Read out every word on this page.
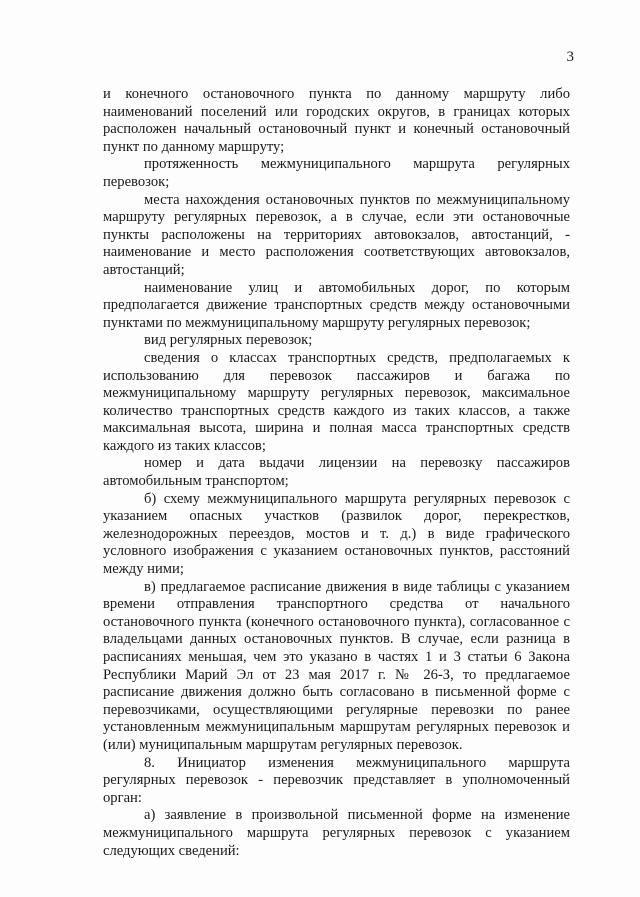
3

и конечного остановочного пункта по данному маршруту либо наименований поселений или городских округов, в границах которых расположен начальный остановочный пункт и конечный остановочный пункт по данному маршруту;

протяженность межмуниципального маршрута регулярных перевозок;

места нахождения остановочных пунктов по межмуниципальному маршруту регулярных перевозок, а в случае, если эти остановочные пункты расположены на территориях автовокзалов, автостанций, - наименование и место расположения соответствующих автовокзалов, автостанций;

наименование улиц и автомобильных дорог, по которым предполагается движение транспортных средств между остановочными пунктами по межмуниципальному маршруту регулярных перевозок;

вид регулярных перевозок;

сведения о классах транспортных средств, предполагаемых к использованию для перевозок пассажиров и багажа по межмуниципальному маршруту регулярных перевозок, максимальное количество транспортных средств каждого из таких классов, а также максимальная высота, ширина и полная масса транспортных средств каждого из таких классов;

номер и дата выдачи лицензии на перевозку пассажиров автомобильным транспортом;

б) схему межмуниципального маршрута регулярных перевозок с указанием опасных участков (развилок дорог, перекрестков, железнодорожных переездов, мостов и т. д.) в виде графического условного изображения с указанием остановочных пунктов, расстояний между ними;

в) предлагаемое расписание движения в виде таблицы с указанием времени отправления транспортного средства от начального остановочного пункта (конечного остановочного пункта), согласованное с владельцами данных остановочных пунктов. В случае, если разница в расписаниях меньшая, чем это указано в частях 1 и 3 статьи 6 Закона Республики Марий Эл от 23 мая 2017 г. № 26-З, то предлагаемое расписание движения должно быть согласовано в письменной форме с перевозчиками, осуществляющими регулярные перевозки по ранее установленным межмуниципальным маршрутам регулярных перевозок и (или) муниципальным маршрутам регулярных перевозок.

8. Инициатор изменения межмуниципального маршрута регулярных перевозок - перевозчик представляет в уполномоченный орган:

а) заявление в произвольной письменной форме на изменение межмуниципального маршрута регулярных перевозок с указанием следующих сведений:
